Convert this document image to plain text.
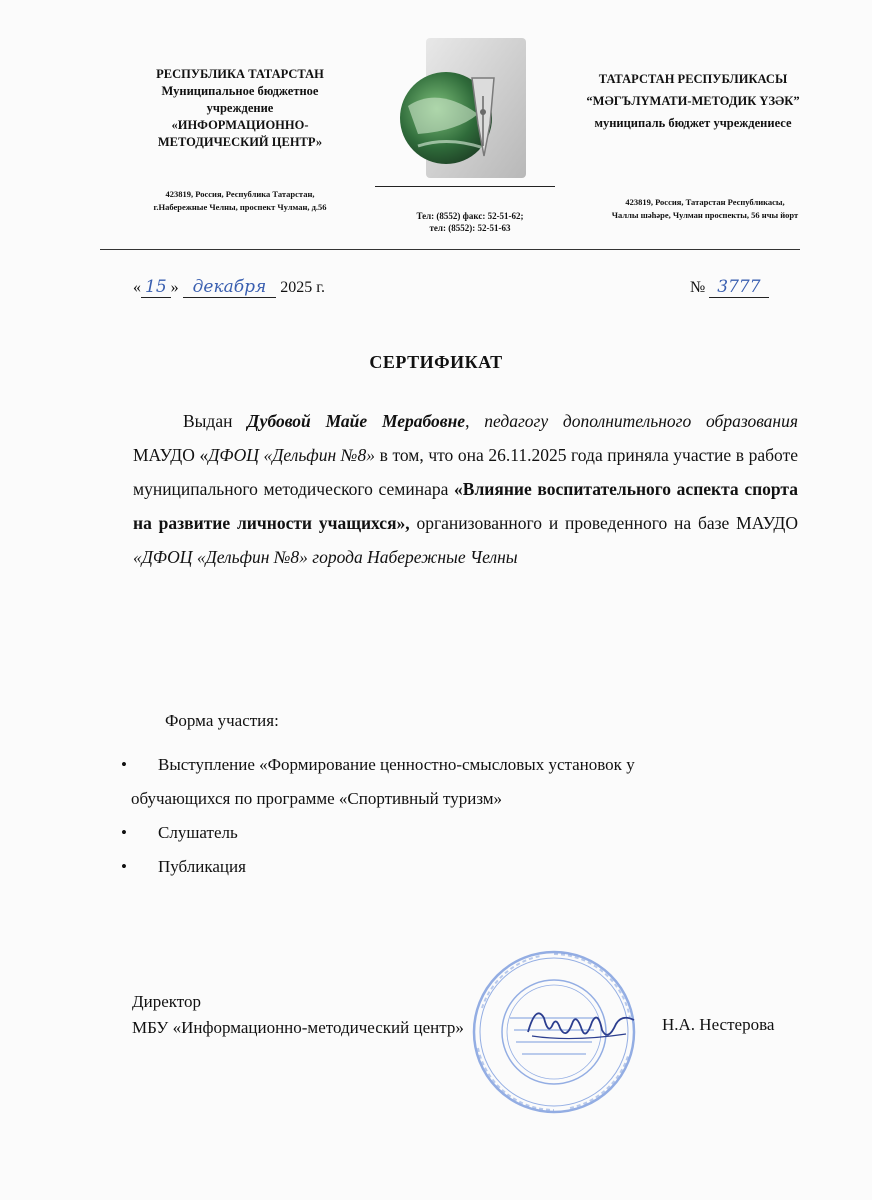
РЕСПУБЛИКА ТАТАРСТАН
Муниципальное бюджетное
учреждение
«ИНФОРМАЦИОННО-
МЕТОДИЧЕСКИЙ ЦЕНТР»
423819, Россия, Республика Татарстан,
г.Набережные Челны, проспект Чулман, д.56
Тел: (8552) факс: 52-51-62;
тел: (8552): 52-51-63
ТАТАРСТАН РЕСПУБЛИКАСЫ
“МӘГЪЛҮМАТИ-МЕТОДИК ҮЗӘК”
муниципаль бюджет учреждениесе
423819, Россия, Татарстан Республикасы,
Чаллы шәһәре, Чулман проспекты, 56 нчы йорт
« 15 » декабря 2025 г.	№ 3777
СЕРТИФИКАТ
Выдан Дубовой Майе Мерабовне, педагогу дополнительного образования МАУДО «ДФОЦ «Дельфин №8» в том, что она 26.11.2025 года приняла участие в работе муниципального методического семинара «Влияние воспитательного аспекта спорта на развитие личности учащихся», организованного и проведенного на базе МАУДО «ДФОЦ «Дельфин №8» города Набережные Челны
Форма участия:
• Выступление «Формирование ценностно-смысловых установок у
обучающихся по программе «Спортивный туризм»
• Слушатель
• Публикация
Директор
МБУ «Информационно-методический центр»	Н.А. Нестерова
